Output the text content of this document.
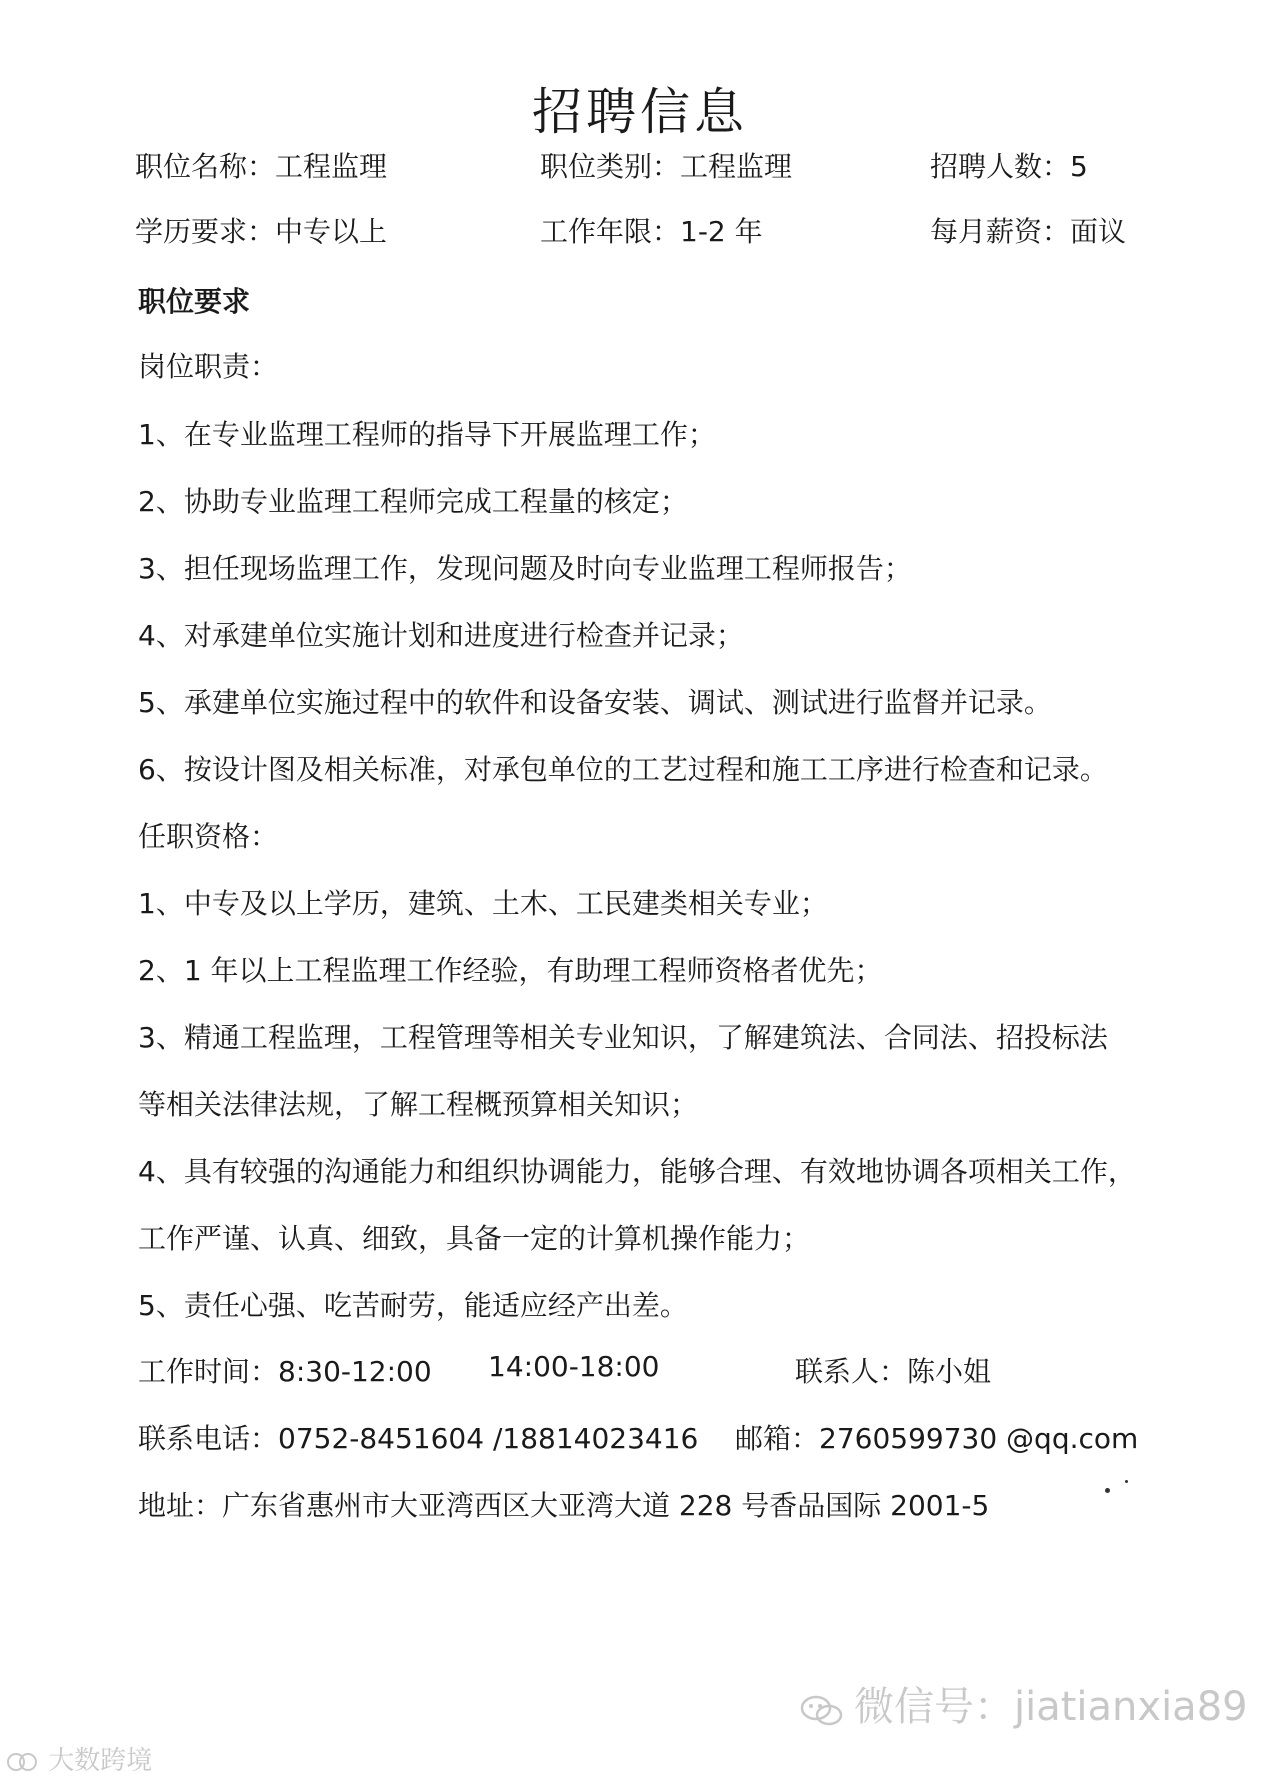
招聘信息
职位名称：工程监理	职位类别：工程监理	招聘人数：5
学历要求：中专以上	工作年限：1-2 年	每月薪资：面议
职位要求
岗位职责：
1、在专业监理工程师的指导下开展监理工作；
2、协助专业监理工程师完成工程量的核定；
3、担任现场监理工作，发现问题及时向专业监理工程师报告；
4、对承建单位实施计划和进度进行检查并记录；
5、承建单位实施过程中的软件和设备安装、调试、测试进行监督并记录。
6、按设计图及相关标准，对承包单位的工艺过程和施工工序进行检查和记录。
任职资格：
1、中专及以上学历，建筑、土木、工民建类相关专业；
2、1 年以上工程监理工作经验，有助理工程师资格者优先；
3、精通工程监理，工程管理等相关专业知识，了解建筑法、合同法、招投标法
等相关法律法规，了解工程概预算相关知识；
4、具有较强的沟通能力和组织协调能力，能够合理、有效地协调各项相关工作，
工作严谨、认真、细致，具备一定的计算机操作能力；
5、责任心强、吃苦耐劳，能适应经产出差。
工作时间：8:30-12:00 14:00-18:00	联系人：陈小姐
联系电话：0752-8451604 /18814023416 邮箱：2760599730 @qq.com
地址：广东省惠州市大亚湾西区大亚湾大道 228 号香品国际 2001-5
微信号：jiatianxia89
大数跨境
